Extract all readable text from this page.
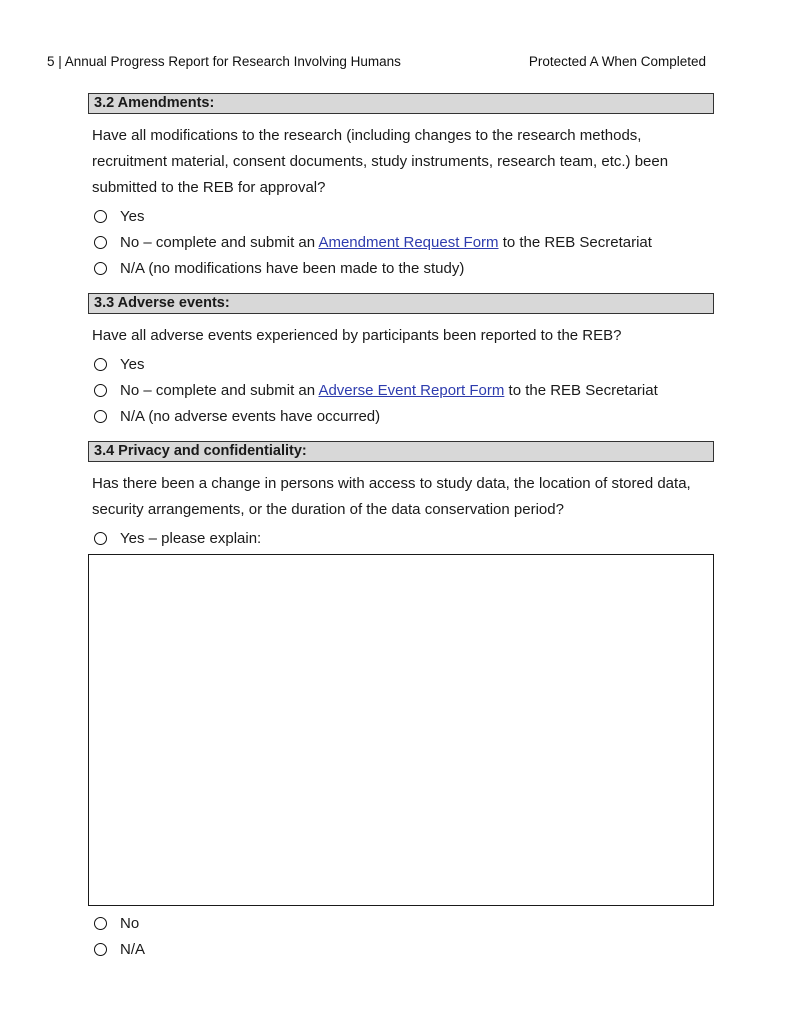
5 | Annual Progress Report for Research Involving Humans	Protected A When Completed
3.2 Amendments:

Have all modifications to the research (including changes to the research methods, recruitment material, consent documents, study instruments, research team, etc.) been submitted to the REB for approval?

Yes
No – complete and submit an Amendment Request Form to the REB Secretariat
N/A (no modifications have been made to the study)
3.3 Adverse events:

Have all adverse events experienced by participants been reported to the REB?

Yes
No – complete and submit an Adverse Event Report Form to the REB Secretariat
N/A (no adverse events have occurred)
3.4 Privacy and confidentiality:

Has there been a change in persons with access to study data, the location of stored data, security arrangements, or the duration of the data conservation period?

Yes – please explain:
No
N/A
